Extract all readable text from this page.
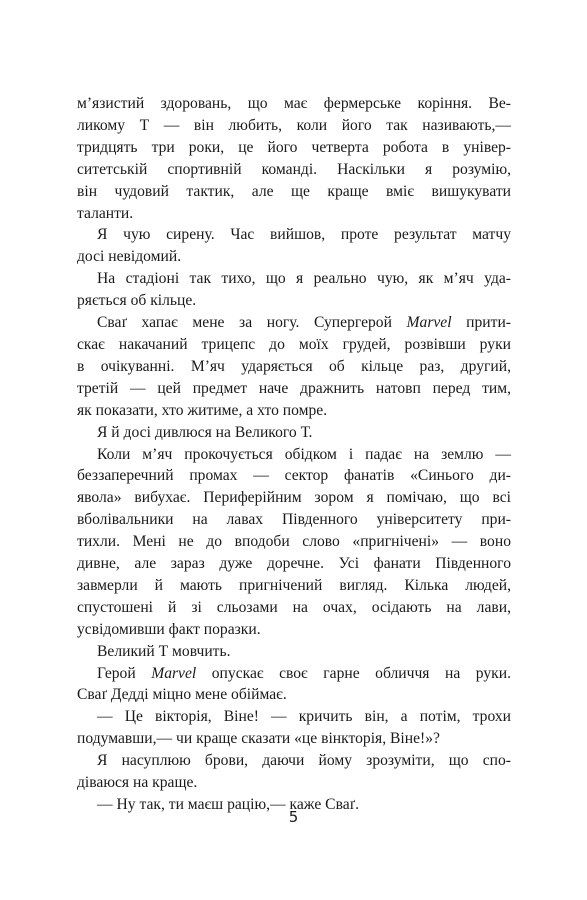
м’язистий здоровань, що має фермерське коріння. Ве-
ликому Т — він любить, коли його так називають,—
тридцять три роки, це його четверта робота в універ-
ситетській спортивній команді. Наскільки я розумію,
він чудовий тактик, але ще краще вміє вишукувати
таланти.

Я чую сирену. Час вийшов, проте результат матчу
досі невідомий.

На стадіоні так тихо, що я реально чую, як м’яч уда-
ряється об кільце.

Сваґ хапає мене за ногу. Супергерой Marvel прити-
скає накачаний трицепс до моїх грудей, розвівши руки
в очікуванні. М’яч ударяється об кільце раз, другий,
третій — цей предмет наче дражнить натовп перед тим,
як показати, хто житиме, а хто помре.

Я й досі дивлюся на Великого Т.

Коли м’яч прокочується обідком і падає на землю —
беззаперечний промах — сектор фанатів «Синього ди-
явола» вибухає. Периферійним зором я помічаю, що всі
вболівальники на лавах Південного університету при-
тихли. Мені не до вподоби слово «пригнічені» — воно
дивне, але зараз дуже доречне. Усі фанати Південного
завмерли й мають пригнічений вигляд. Кілька людей,
спустошені й зі сльозами на очах, осідають на лави,
усвідомивши факт поразки.

Великий Т мовчить.

Герой Marvel опускає своє гарне обличчя на руки.
Сваґ Дедді міцно мене обіймає.

— Це вікторія, Віне! — кричить він, а потім, трохи
подумавши,— чи краще сказати «це вінкторія, Віне!»?

Я насуплюю брови, даючи йому зрозуміти, що спо-
діваюся на краще.

— Ну так, ти маєш рацію,— каже Сваґ.

5
